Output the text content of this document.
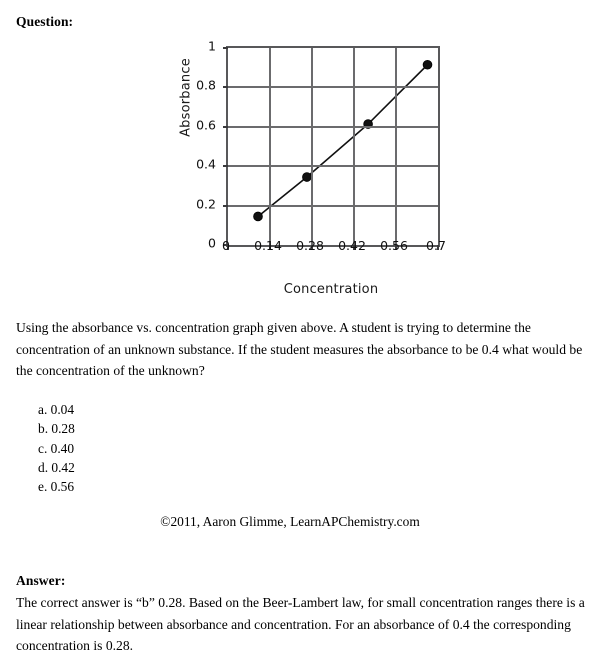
Question:
Absorbance
Concentration
0 0.14 0.28 0.42 0.56 0.7
0
0.2
0.4
0.6
0.8
1
Using the absorbance vs. concentration graph given above. A student is trying to determine the concentration of an unknown substance. If the student measures the absorbance to be 0.4 what would be the concentration of the unknown?
a. 0.04
b. 0.28
c. 0.40
d. 0.42
e. 0.56
©2011, Aaron Glimme, LearnAPChemistry.com
Answer:
The correct answer is “b” 0.28. Based on the Beer-Lambert law, for small concentration ranges there is a linear relationship between absorbance and concentration. For an absorbance of 0.4 the corresponding concentration is 0.28.
